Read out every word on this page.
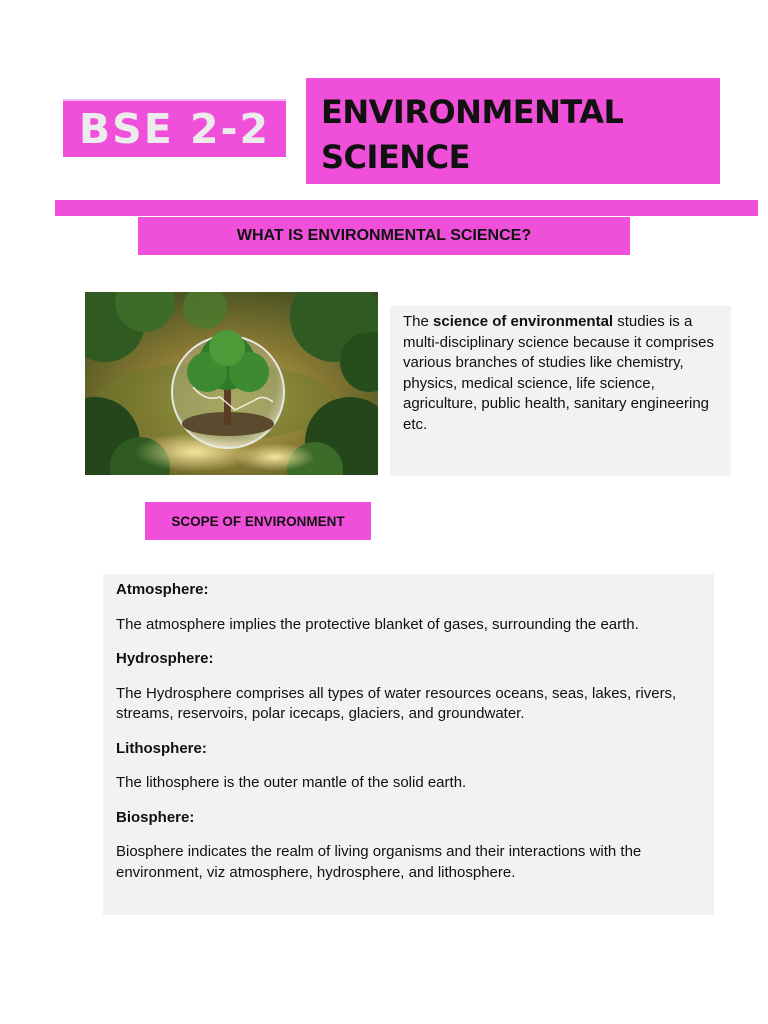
BSE 2-2 ENVIRONMENTAL
SCIENCE
WHAT IS ENVIRONMENTAL SCIENCE?
The science of environmental studies is a multi-disciplinary science because it comprises various branches of studies like chemistry, physics, medical science, life science, agriculture, public health, sanitary engineering etc.
SCOPE OF ENVIRONMENT

Atmosphere:

The atmosphere implies the protective blanket of gases, surrounding the earth.

Hydrosphere:

The Hydrosphere comprises all types of water resources oceans, seas, lakes, rivers, streams, reservoirs, polar icecaps, glaciers, and groundwater.

Lithosphere:

The lithosphere is the outer mantle of the solid earth.

Biosphere:

Biosphere indicates the realm of living organisms and their interactions with the environment, viz atmosphere, hydrosphere, and lithosphere.
